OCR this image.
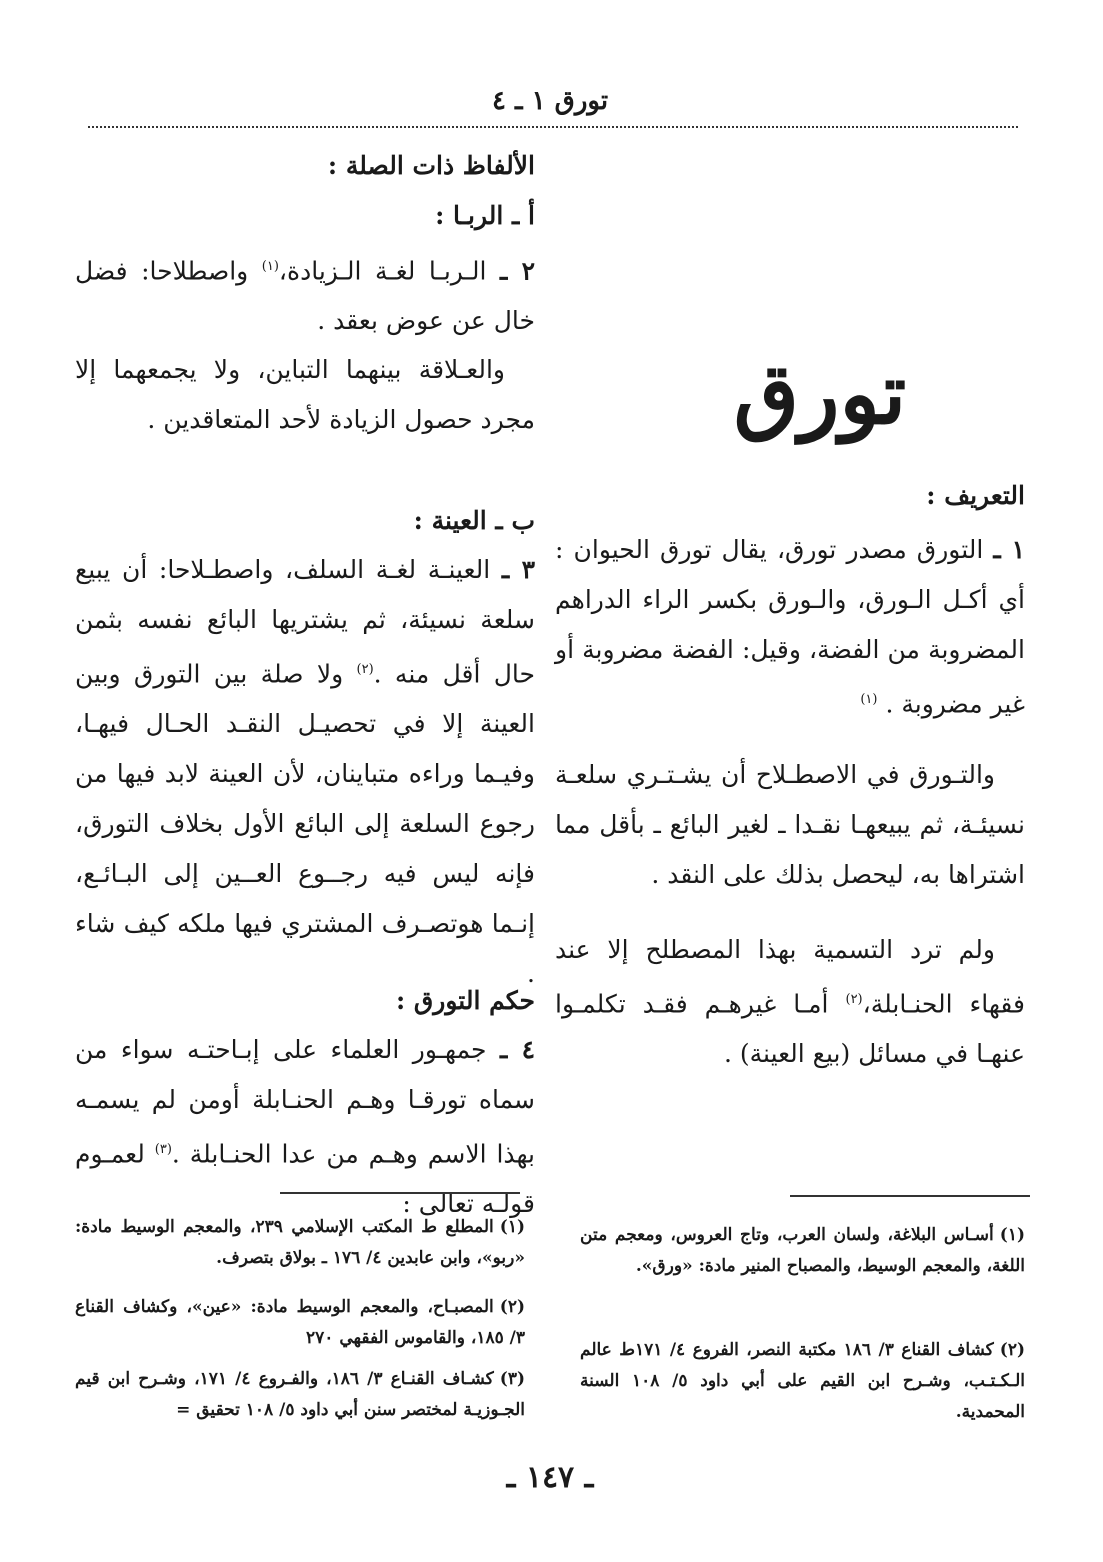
تورق ١ ـ ٤
تورق
التعريف :
١ ـ التورق مصدر تورق، يقال تورق الحيوان : أي أكـل الـورق، والـورق بكسر الراء الدراهم المضروبة من الفضة، وقيل: الفضة مضروبة أو غير مضروبة . $^{(١)}$
والتـورق في الاصطـلاح أن يشـتـري سلعـة نسيئـة، ثم يبيعهـا نقـدا ـ لغير البائع ـ بأقل مما اشتراها به، ليحصل بذلك على النقد .
ولم ترد التسمية بهذا المصطلح إلا عند فقهاء الحنـابلة،$^{(٢)}$ أمـا غيرهـم فقـد تكلمـوا عنهـا في مسائل (بيع العينة) .
(١)أسـاس البلاغة، ولسان العرب، وتاج العروس، ومعجم متن اللغة، والمعجم الوسيط، والمصباح المنير مادة: «ورق».
(٢)كشاف القناع ٣/ ١٨٦ مكتبة النصر، الفروع ٤/ ١٧١ط عالم الـكـتـب، وشـرح ابن القيم على أبي داود ٥/ ١٠٨ السنة المحمدية.
الألفاظ ذات الصلة :
أ ـ الربـا :
٢ ـ الـربـا لغـة الـزيادة،$^{(١)}$ واصطلاحا: فضل خال عن عوض بعقد .
والعـلاقة بينهما التباين، ولا يجمعهما إلا مجرد حصول الزيادة لأحد المتعاقدين .
ب ـ العينة :
٣ ـ العينـة لغـة السلف، واصطـلاحا: أن يبيع سلعة نسيئة، ثم يشتريها البائع نفسه بثمن حال أقل منه .$^{(٢)}$ ولا صلة بين التورق وبين العينة إلا في تحصيـل النقـد الحـال فيهـا، وفيـما وراءه متباينان، لأن العينة لابد فيها من رجوع السلعة إلى البائع الأول بخلاف التورق، فإنه ليس فيه رجــوع العــين إلى البـائـع، إنـما هوتصـرف المشتري فيها ملكه كيف شاء .
حكم التورق :
٤ ـ جمهـور العلماء على إبـاحتـه سواء من سماه تورقـا وهـم الحنـابلة أومن لم يسمـه بهذا الاسم وهـم من عدا الحنـابلة .$^{(٣)}$ لعمـوم قولـه تعالى :
(١)المطلع ط المكتب الإسلامي ٢٣٩، والمعجم الوسيط مادة: «ربو»، وابن عابدين ٤/ ١٧٦ ـ بولاق بتصرف.
(٢)المصبـاح، والمعجم الوسيط مادة: «عين»، وكشاف القناع ٣/ ١٨٥، والقاموس الفقهي ٢٧٠
(٣)كشـاف القنـاع ٣/ ١٨٦، والفـروع ٤/ ١٧١، وشـرح ابن قيم الجـوزيـة لمختصر سنن أبي داود ٥/ ١٠٨ تحقيق =
ـ ١٤٧ ـ
